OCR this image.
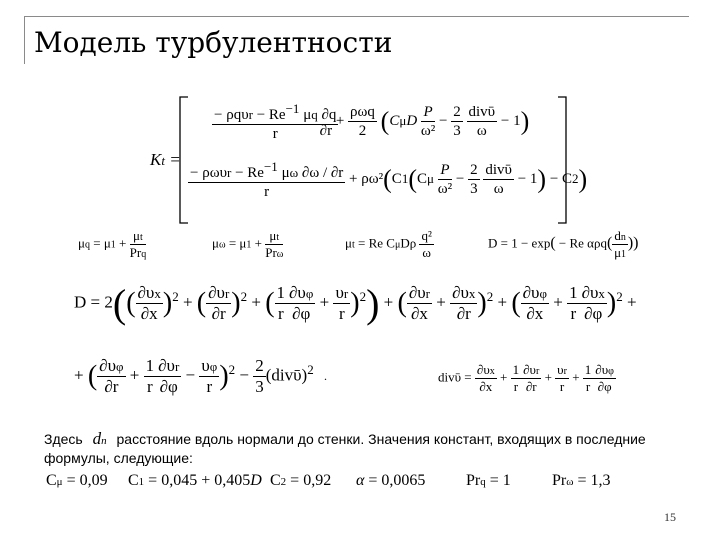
Модель турбулентности
Kt =
$\frac{- \rho q\upsilon r - Re^{-1} \mu q \partial q}{r}$

∂r
+ $\frac{\text{ρωq}}{2} (C\mu D \frac{P}{\text{ω²}} - \frac{2}{3}$
$\frac{\text{divῡ}}{\omega} - 1$)
$\frac{- \rho\omega\upsilon r - Re^{-1} \mu\omega \partial\omega / \partial r}{r} + \rho\omega^2(C1(C\mu \frac{P}{\text{ω²}} - \frac{2}{3}$
$\frac{\text{divῡ}}{\omega} - 1) - C2$)
$\mu q = \mu 1 + \frac{\mu t}{\text{Prq}}$	$\mu\omega = \mu 1 + \frac{\mu t}{\text{Prω}}$	μt = Re CμDρ $\frac{\text{q²}}{\omega}$	D = 1 − exp( − Re $\alpha\rho q( \frac{dn}{\mu 1}$ ))
$D = 2(( \frac{\partial\upsilon x}{\partial x} )^2$ + ( $\frac{\partial\upsilon r}{\partial r} )^2$ + ( $\frac{1}{r} \frac{\partial\upsilon\varphi}{\partial\varphi} + \frac{\upsilon r}{r} )^2$) + ( $\frac{\partial\upsilon r}{\partial x} + \frac{\partial\upsilon x}{\partial r} )^2$ + ( $\frac{\partial\upsilon\varphi}{\partial x} + \frac{1}{r} \frac{\partial\upsilon x}{\partial\varphi} )^2$ +
+ ( $\frac{\partial\upsilon\varphi}{\partial r} + \frac{1}{r} \frac{\partial\upsilon r}{\partial\varphi} - \frac{\upsilon\varphi}{r} )^2 - \frac{2}{3}$ (divῡ)$^2$ .	divῡ = $\frac{\partial\upsilon x}{\partial x} + \frac{1}{r} \frac{\partial\upsilon r}{\partial r} + \frac{\upsilon r}{r} + \frac{1}{r} \frac{\partial\upsilon\varphi}{\partial\varphi}$
Здесь dn расстояние вдоль нормали до стенки. Значения констант, входящих в последние формулы, следующие:
Cμ = 0,09 C1 = 0,045 + 0,405D C2 = 0,92 α = 0,0065	Prq = 1	Prω = 1,3
15
